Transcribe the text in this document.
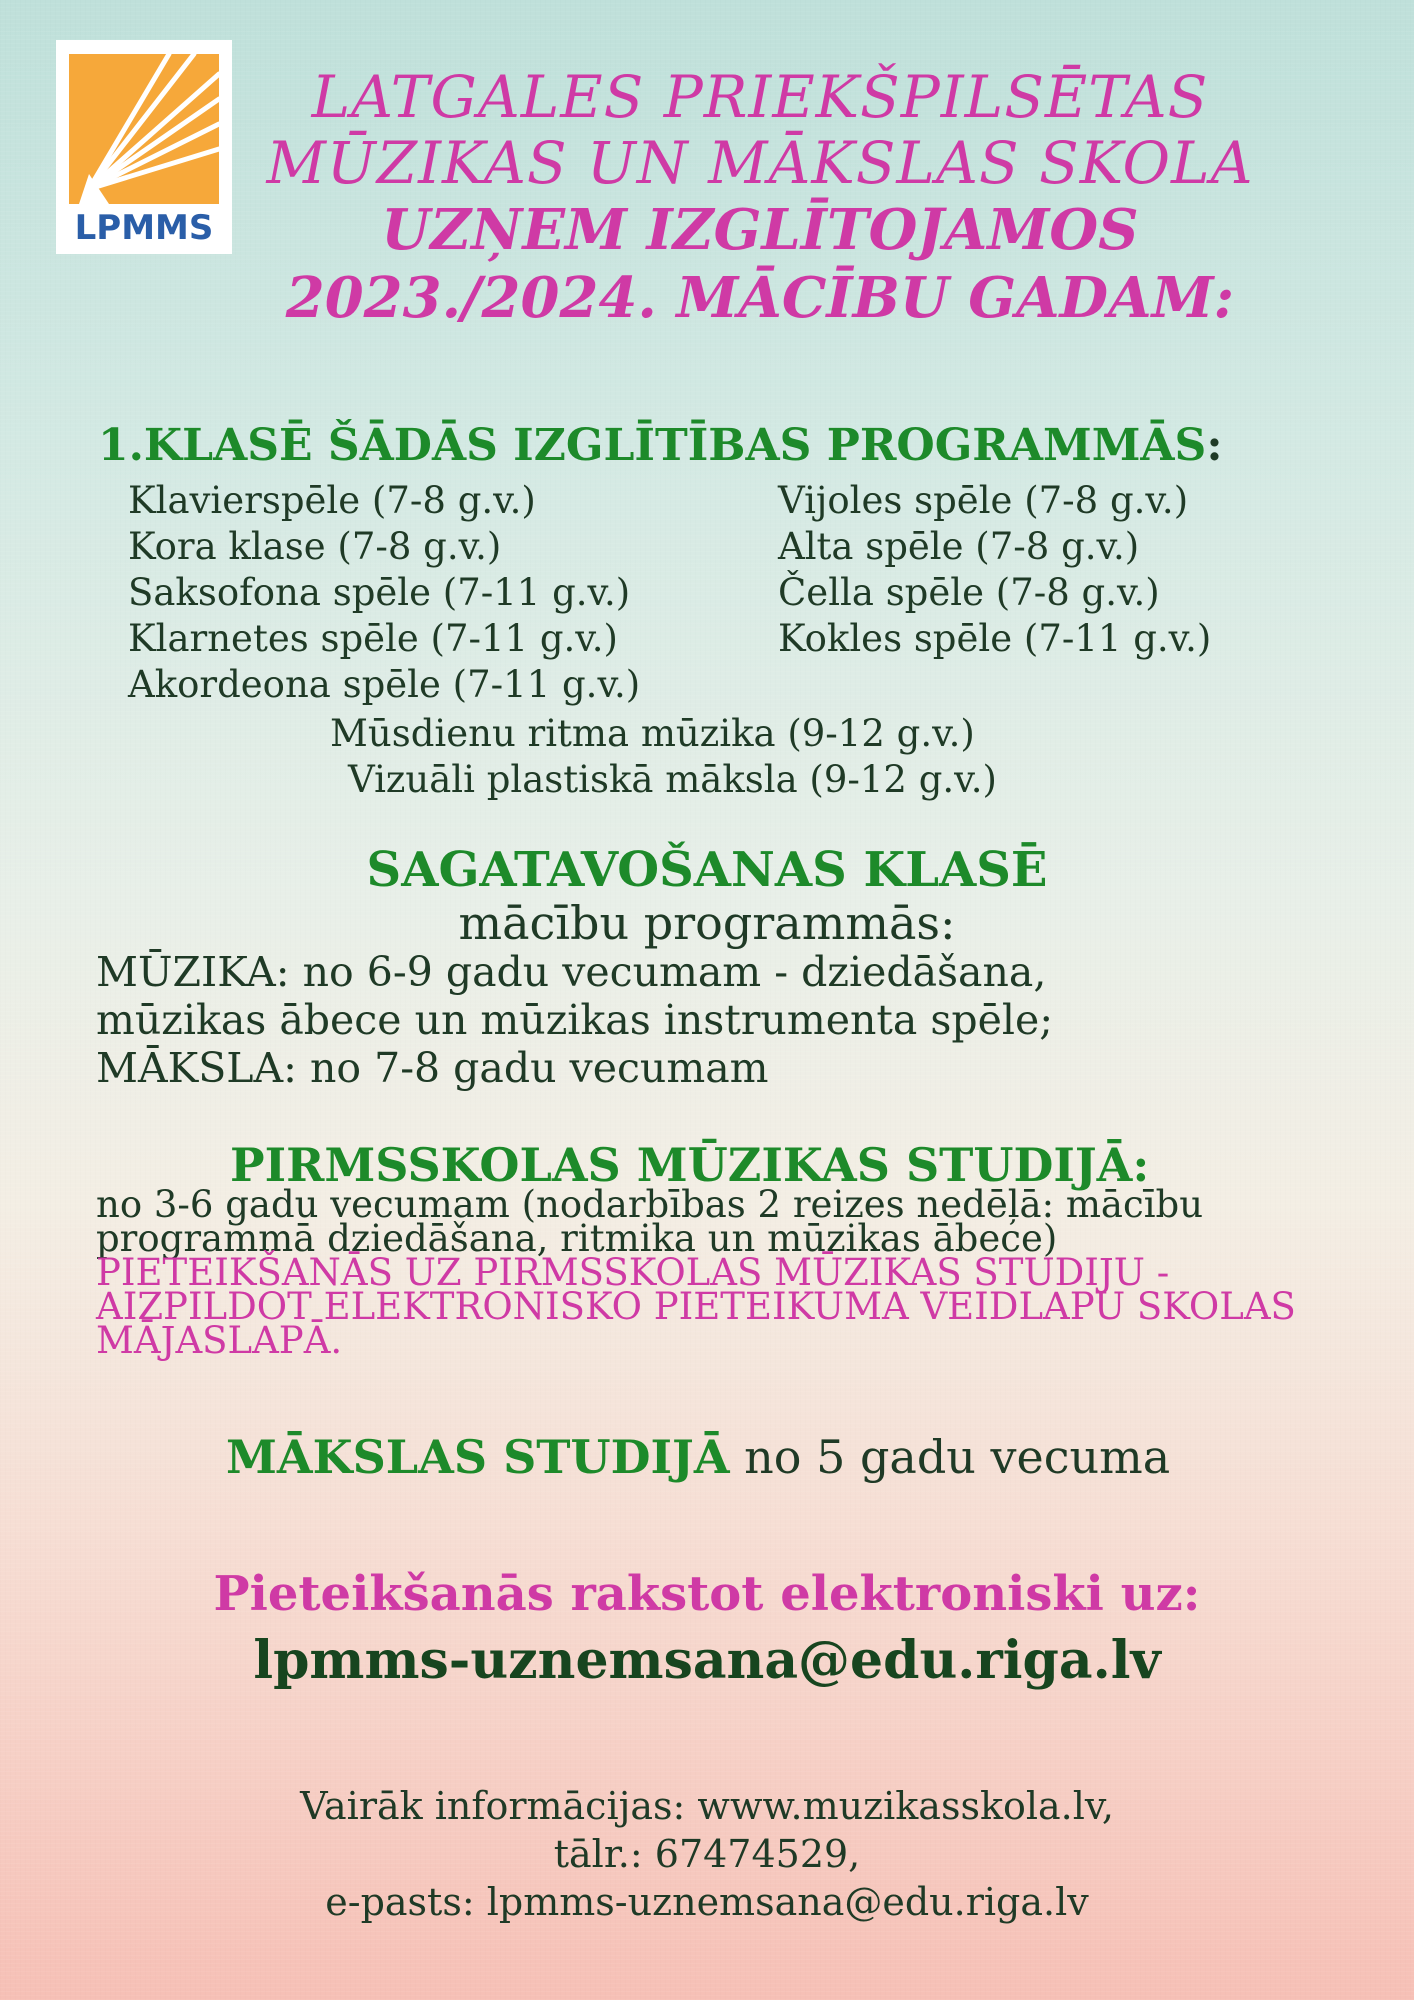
LPMMS
LATGALES PRIEKŠPILSĒTAS
MŪZIKAS UN MĀKSLAS SKOLA
UZŅEM IZGLĪTOJAMOS
2023./2024. MĀCĪBU GADAM:
1.KLASĒ ŠĀDĀS IZGLĪTĪBAS PROGRAMMĀS:
Klavierspēle (7-8 g.v.)
Kora klase (7-8 g.v.)
Saksofona spēle (7-11 g.v.)
Klarnetes spēle (7-11 g.v.)
Akordeona spēle (7-11 g.v.)
Vijoles spēle (7-8 g.v.)
Alta spēle (7-8 g.v.)
Čella spēle (7-8 g.v.)
Kokles spēle (7-11 g.v.)
Mūsdienu ritma mūzika (9-12 g.v.)
Vizuāli plastiskā māksla (9-12 g.v.)
SAGATAVOŠANAS KLASĒ
mācību programmās:
MŪZIKA: no 6-9 gadu vecumam - dziedāšana,
mūzikas ābece un mūzikas instrumenta spēle;
MĀKSLA: no 7-8 gadu vecumam
PIRMSSKOLAS MŪZIKAS STUDIJĀ:
no 3-6 gadu vecumam (nodarbības 2 reizes nedēļā: mācību programmā dziedāšana, ritmika un mūzikas ābece) PIETEIKŠANĀS UZ PIRMSSKOLAS MŪZIKAS STUDIJU - AIZPILDOT ELEKTRONISKO PIETEIKUMA VEIDLAPU SKOLAS MĀJASLAPĀ.
MĀKSLAS STUDIJĀ no 5 gadu vecuma
Pieteikšanās rakstot elektroniski uz:
lpmms-uznemsana@edu.riga.lv
Vairāk informācijas: www.muzikasskola.lv,
tālr.: 67474529,
e-pasts: lpmms-uznemsana@edu.riga.lv
